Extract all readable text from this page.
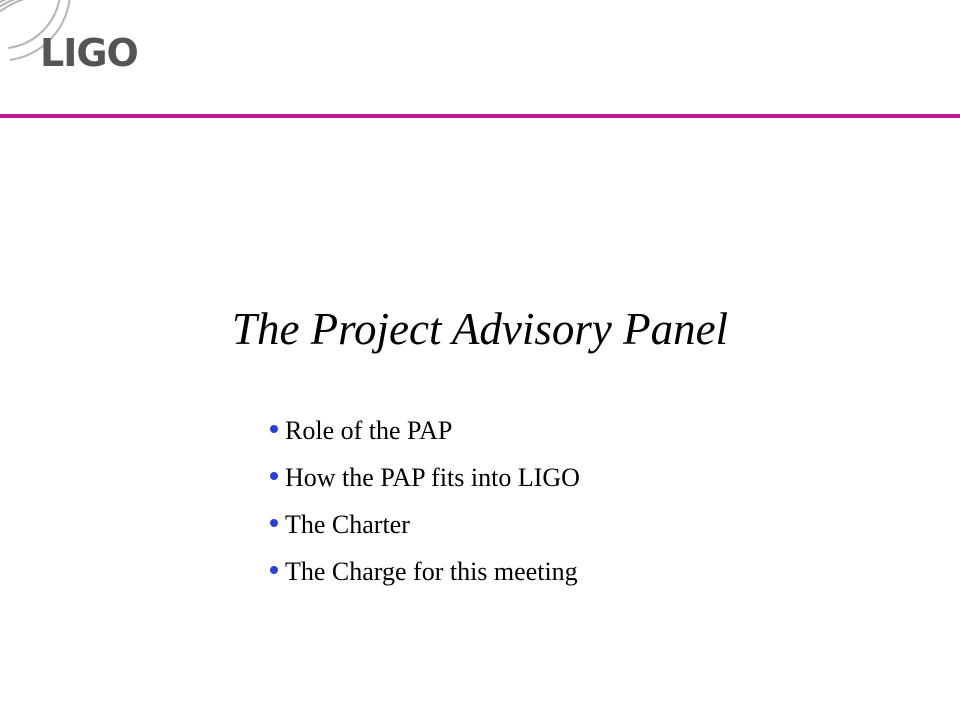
LIGO
The Project Advisory Panel
Role of the PAP
How the PAP fits into LIGO
The Charter
The Charge for this meeting
